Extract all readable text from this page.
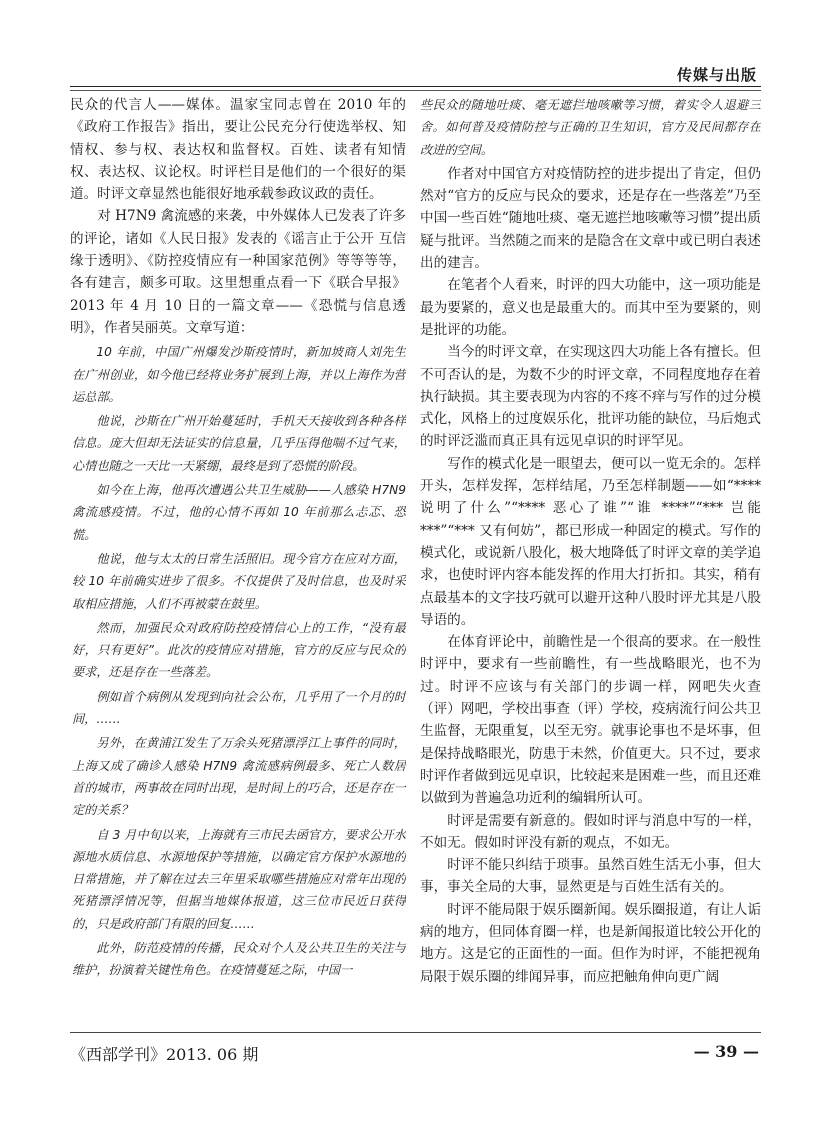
传媒与出版

民众的代言人——媒体。温家宝同志曾在 2010 年的《政府工作报告》指出，要让公民充分行使选举权、知情权、参与权、表达权和监督权。百姓、读者有知情权、表达权、议论权。时评栏目是他们的一个很好的渠道。时评文章显然也能很好地承载参政议政的责任。

对 H7N9 禽流感的来袭，中外媒体人已发表了许多的评论，诸如《人民日报》发表的《谣言止于公开 互信缘于透明》、《防控疫情应有一种国家范例》等等等等，各有建言，颇多可取。这里想重点看一下《联合早报》2013 年 4 月 10 日的一篇文章——《恐慌与信息透明》，作者吴丽英。文章写道：

10 年前，中国广州爆发沙斯疫情时，新加坡商人刘先生在广州创业，如今他已经将业务扩展到上海，并以上海作为营运总部。

他说，沙斯在广州开始蔓延时，手机天天接收到各种各样信息。庞大但却无法证实的信息量，几乎压得他喘不过气来，心情也随之一天比一天紧绷，最终是到了恐慌的阶段。

如今在上海，他再次遭遇公共卫生威胁——人感染 H7N9 禽流感疫情。不过，他的心情不再如 10 年前那么忐忑、恐慌。

他说，他与太太的日常生活照旧。现今官方在应对方面，较 10 年前确实进步了很多。不仅提供了及时信息，也及时采取相应措施，人们不再被蒙在鼓里。

然而，加强民众对政府防控疫情信心上的工作，“没有最好，只有更好”。此次的疫情应对措施，官方的反应与民众的要求，还是存在一些落差。

例如首个病例从发现到向社会公布，几乎用了一个月的时间，……

另外，在黄浦江发生了万余头死猪漂浮江上事件的同时，上海又成了确诊人感染 H7N9 禽流感病例最多、死亡人数居首的城市，两事故在同时出现，是时间上的巧合，还是存在一定的关系？

自 3 月中旬以来，上海就有三市民去函官方，要求公开水源地水质信息、水源地保护等措施，以确定官方保护水源地的日常措施，并了解在过去三年里采取哪些措施应对常年出现的死猪漂浮情况等，但据当地媒体报道，这三位市民近日获得的，只是政府部门有限的回复……

此外，防范疫情的传播，民众对个人及公共卫生的关注与维护，扮演着关键性角色。在疫情蔓延之际，中国一

些民众的随地吐痰、毫无遮拦地咳嗽等习惯，着实令人退避三舍。如何普及疫情防控与正确的卫生知识，官方及民间都存在改进的空间。

作者对中国官方对疫情防控的进步提出了肯定，但仍然对“官方的反应与民众的要求，还是存在一些落差”乃至中国一些百姓“随地吐痰、毫无遮拦地咳嗽等习惯”提出质疑与批评。当然随之而来的是隐含在文章中或已明白表述出的建言。

在笔者个人看来，时评的四大功能中，这一项功能是最为要紧的，意义也是最重大的。而其中至为要紧的，则是批评的功能。

当今的时评文章，在实现这四大功能上各有擅长。但不可否认的是，为数不少的时评文章，不同程度地存在着执行缺损。其主要表现为内容的不疼不痒与写作的过分模式化，风格上的过度娱乐化，批评功能的缺位，马后炮式的时评泛滥而真正具有远见卓识的时评罕见。

写作的模式化是一眼望去，便可以一览无余的。怎样开头，怎样发挥，怎样结尾，乃至怎样制题——如“****说明了什么”“**** 恶心了谁”“谁 ****”“*** 岂能 ***”“*** 又有何妨”，都已形成一种固定的模式。写作的模式化，或说新八股化，极大地降低了时评文章的美学追求，也使时评内容本能发挥的作用大打折扣。其实，稍有点最基本的文字技巧就可以避开这种八股时评尤其是八股导语的。

在体育评论中，前瞻性是一个很高的要求。在一般性时评中，要求有一些前瞻性，有一些战略眼光，也不为过。时评不应该与有关部门的步调一样，网吧失火查（评）网吧，学校出事查（评）学校，疫病流行问公共卫生监督，无限重复，以至无穷。就事论事也不是坏事，但是保持战略眼光，防患于未然，价值更大。只不过，要求时评作者做到远见卓识，比较起来是困难一些，而且还难以做到为普遍急功近利的编辑所认可。

时评是需要有新意的。假如时评与消息中写的一样，不如无。假如时评没有新的观点，不如无。

时评不能只纠结于琐事。虽然百姓生活无小事，但大事，事关全局的大事，显然更是与百姓生活有关的。

时评不能局限于娱乐圈新闻。娱乐圈报道，有让人诟病的地方，但同体育圈一样，也是新闻报道比较公开化的地方。这是它的正面性的一面。但作为时评，不能把视角局限于娱乐圈的绯闻异事，而应把触角伸向更广阔

《西部学刊》2013. 06 期	— 39 —
